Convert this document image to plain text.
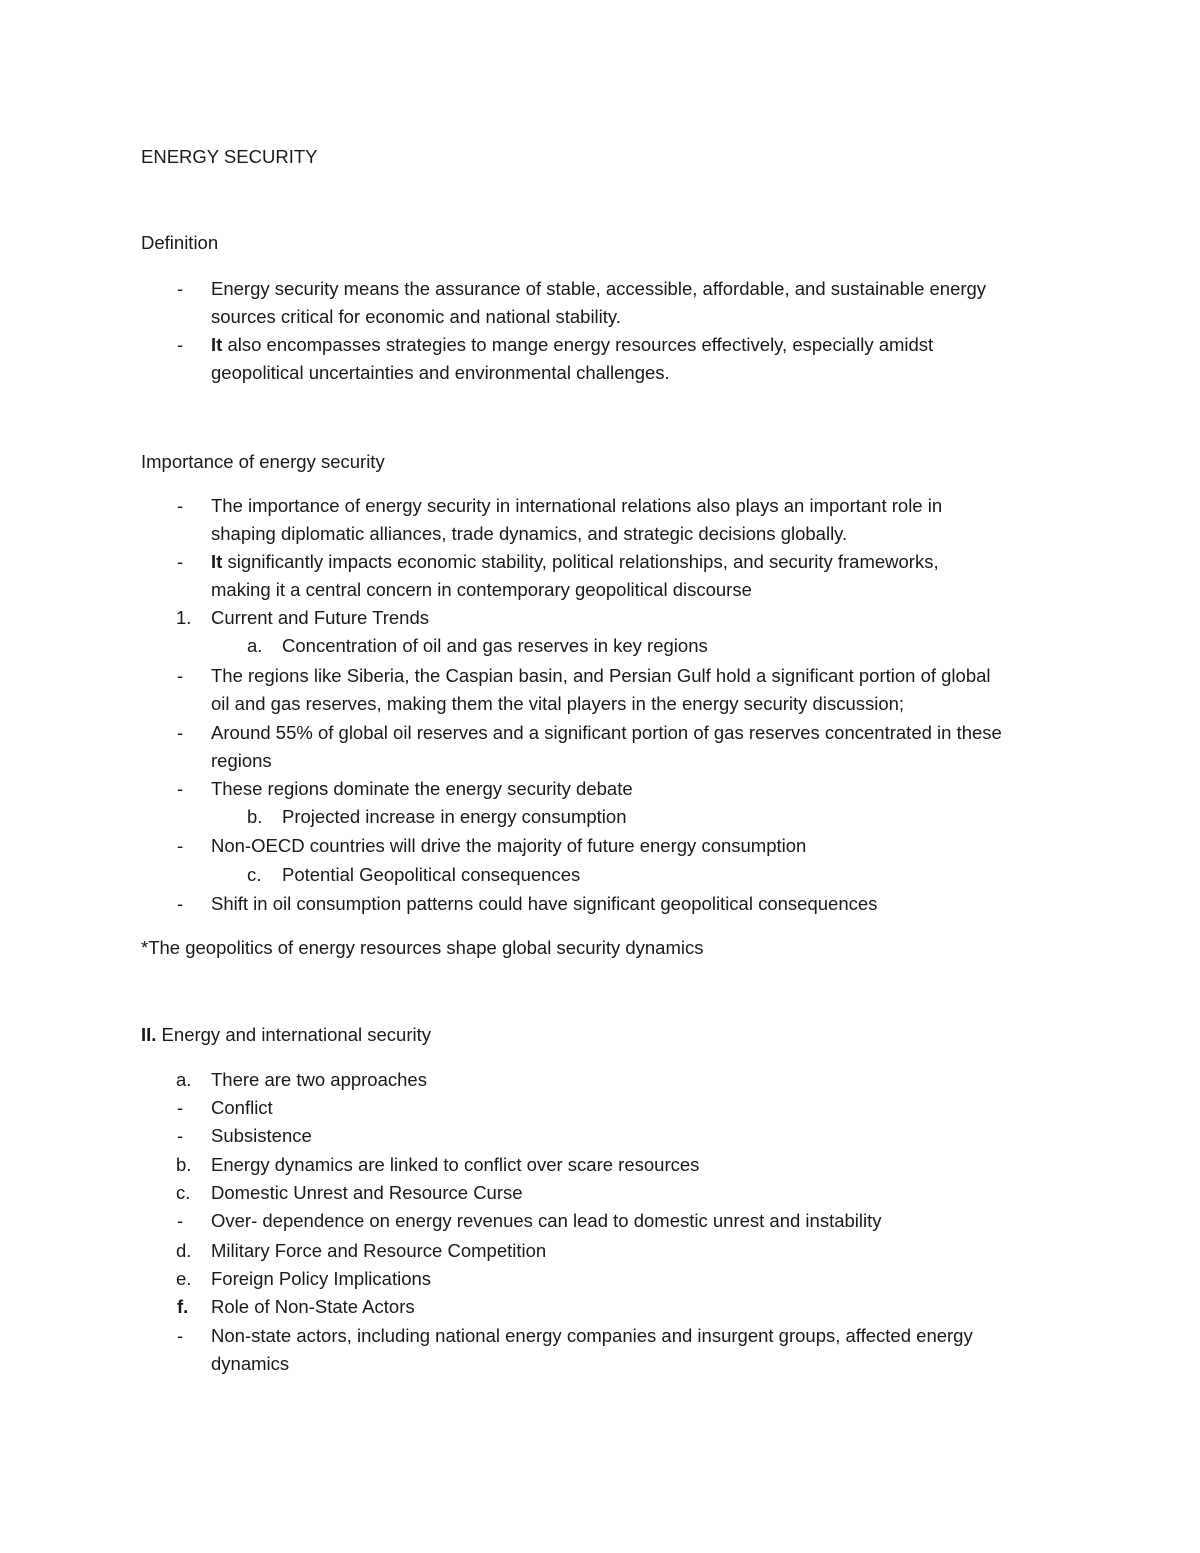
ENERGY SECURITY
Definition
- Energy security means the assurance of stable, accessible, affordable, and sustainable energy
sources critical for economic and national stability.
- It also encompasses strategies to mange energy resources effectively, especially amidst
geopolitical uncertainties and environmental challenges.
Importance of energy security
- The importance of energy security in international relations also plays an important role in
shaping diplomatic alliances, trade dynamics, and strategic decisions globally.
- It significantly impacts economic stability, political relationships, and security frameworks,
making it a central concern in contemporary geopolitical discourse
1. Current and Future Trends
a. Concentration of oil and gas reserves in key regions
- The regions like Siberia, the Caspian basin, and Persian Gulf hold a significant portion of global
oil and gas reserves, making them the vital players in the energy security discussion;
- Around 55% of global oil reserves and a significant portion of gas reserves concentrated in these
regions
- These regions dominate the energy security debate
b. Projected increase in energy consumption
- Non-OECD countries will drive the majority of future energy consumption
c. Potential Geopolitical consequences
- Shift in oil consumption patterns could have significant geopolitical consequences
*The geopolitics of energy resources shape global security dynamics
II. Energy and international security
a. There are two approaches
- Conflict
- Subsistence
b. Energy dynamics are linked to conflict over scare resources
c. Domestic Unrest and Resource Curse
- Over- dependence on energy revenues can lead to domestic unrest and instability
d. Military Force and Resource Competition
e. Foreign Policy Implications
f. Role of Non-State Actors
- Non-state actors, including national energy companies and insurgent groups, affected energy
dynamics
